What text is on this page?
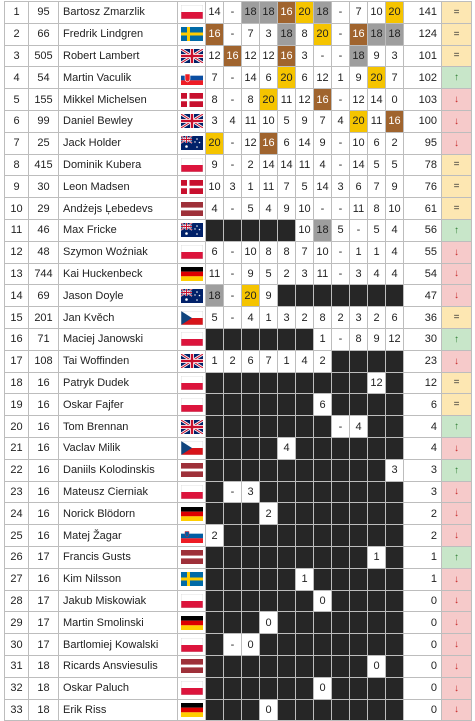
1	95	Bartosz Zmarzlik		14	-	18	18	16	20	18	-	7	10	20	141	=
2	66	Fredrik Lindgren		16	-	7	3	18	8	20	-	16	18	18	124	=
3	505	Robert Lambert		12	16	12	12	16	3	-	-	18	9	3	101	=
4	54	Martin Vaculik		7	-	14	6	20	6	12	1	9	20	7	102	↑
5	155	Mikkel Michelsen		8	-	8	20	11	12	16	-	12	14	0	103	↓
6	99	Daniel Bewley		3	4	11	10	5	9	7	4	20	11	16	100	↓
7	25	Jack Holder		20	-	12	16	6	14	9	-	10	6	2	95	↓
8	415	Dominik Kubera		9	-	2	14	14	11	4	-	14	5	5	78	=
9	30	Leon Madsen		10	3	1	11	7	5	14	3	6	7	9	76	=
10	29	Andżejs Ļebedevs		4	-	5	4	9	10	-	-	11	8	10	61	=
11	46	Max Fricke							10	18	5	-	5	4	56	↑
12	48	Szymon Woźniak		6	-	10	8	8	7	10	-	1	1	4	55	↓
13	744	Kai Huckenbeck		11	-	9	5	2	3	11	-	3	4	4	54	↓
14	69	Jason Doyle		18	-	20	9								47	↓
15	201	Jan Kvěch		5	-	4	1	3	2	8	2	3	2	6	36	=
16	71	Maciej Janowski								1	-	8	9	12	30	↑
17	108	Tai Woffinden		1	2	6	7	1	4	2					23	↓
18	16	Patryk Dudek											12		12	=
19	16	Oskar Fajfer								6					6	=
20	16	Tom Brennan									-	4			4	↑
21	16	Vaclav Milik						4							4	↓
22	16	Daniils Kolodinskis												3	3	↑
23	16	Mateusz Cierniak			-	3									3	↓
24	16	Norick Blödorn					2								2	↓
25	16	Matej Žagar		2											2	↓
26	17	Francis Gusts											1		1	↑
27	16	Kim Nilsson							1						1	↓
28	17	Jakub Miskowiak								0					0	↓
29	17	Martin Smolinski					0								0	↓
30	17	Bartlomiej Kowalski			-	0									0	↓
31	18	Ricards Ansviesulis											0		0	↓
32	18	Oskar Paluch								0					0	↓
33	18	Erik Riss					0								0	↓
